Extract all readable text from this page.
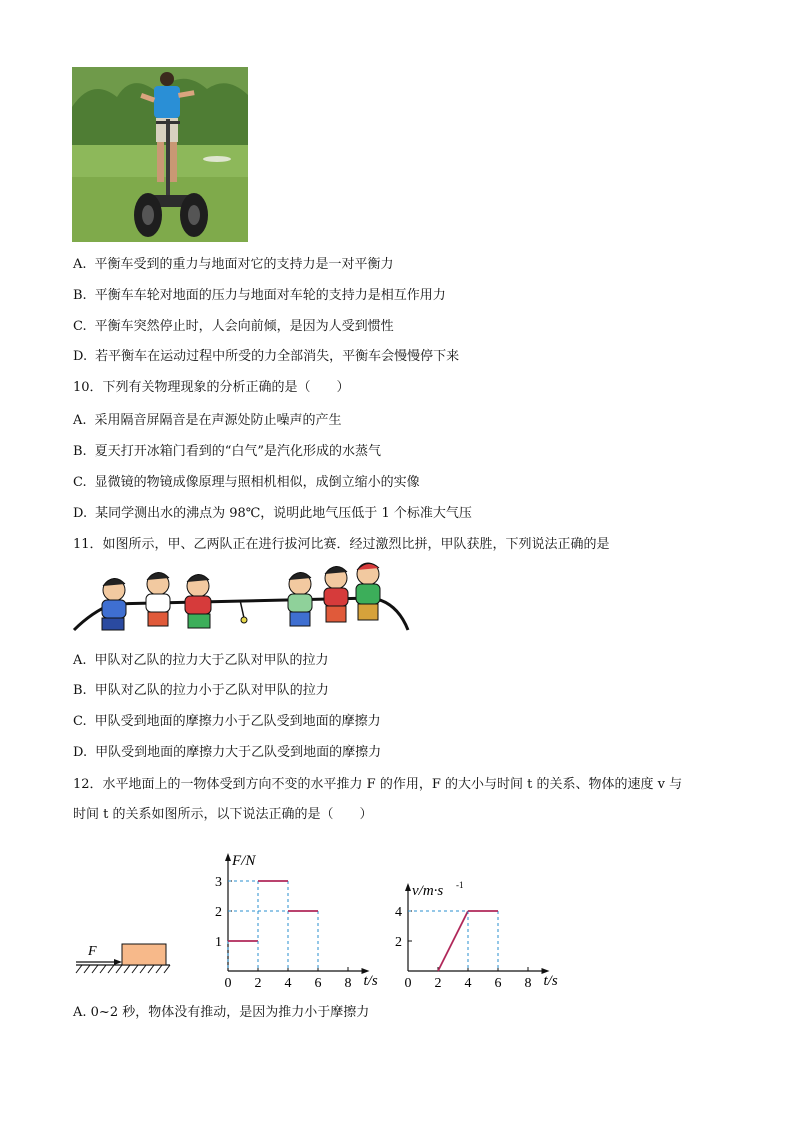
A. 平衡车受到的重力与地面对它的支持力是一对平衡力
B. 平衡车车轮对地面的压力与地面对车轮的支持力是相互作用力
C. 平衡车突然停止时，人会向前倾，是因为人受到惯性
D. 若平衡车在运动过程中所受的力全部消失，平衡车会慢慢停下来
10．下列有关物理现象的分析正确的是（　　）
A. 采用隔音屏隔音是在声源处防止噪声的产生
B. 夏天打开冰箱门看到的“白气”是汽化形成的水蒸气
C. 显微镜的物镜成像原理与照相机相似，成倒立缩小的实像
D. 某同学测出水的沸点为 98℃，说明此地气压低于 1 个标准大气压
11．如图所示，甲、乙两队正在进行拔河比赛．经过激烈比拼，甲队获胜，下列说法正确的是
A. 甲队对乙队的拉力大于乙队对甲队的拉力
B. 甲队对乙队的拉力小于乙队对甲队的拉力
C. 甲队受到地面的摩擦力小于乙队受到地面的摩擦力
D. 甲队受到地面的摩擦力大于乙队受到地面的摩擦力
12．水平地面上的一物体受到方向不变的水平推力 F 的作用，F 的大小与时间 t 的关系、物体的速度 v 与
时间 t 的关系如图所示，以下说法正确的是（　　）
F
0 2 4 6 8
1
2
3
F/N
t/s 0 2 4 6 8
2
4
v/m·s -1
t/s
A. 0~2 秒，物体没有推动，是因为推力小于摩擦力
